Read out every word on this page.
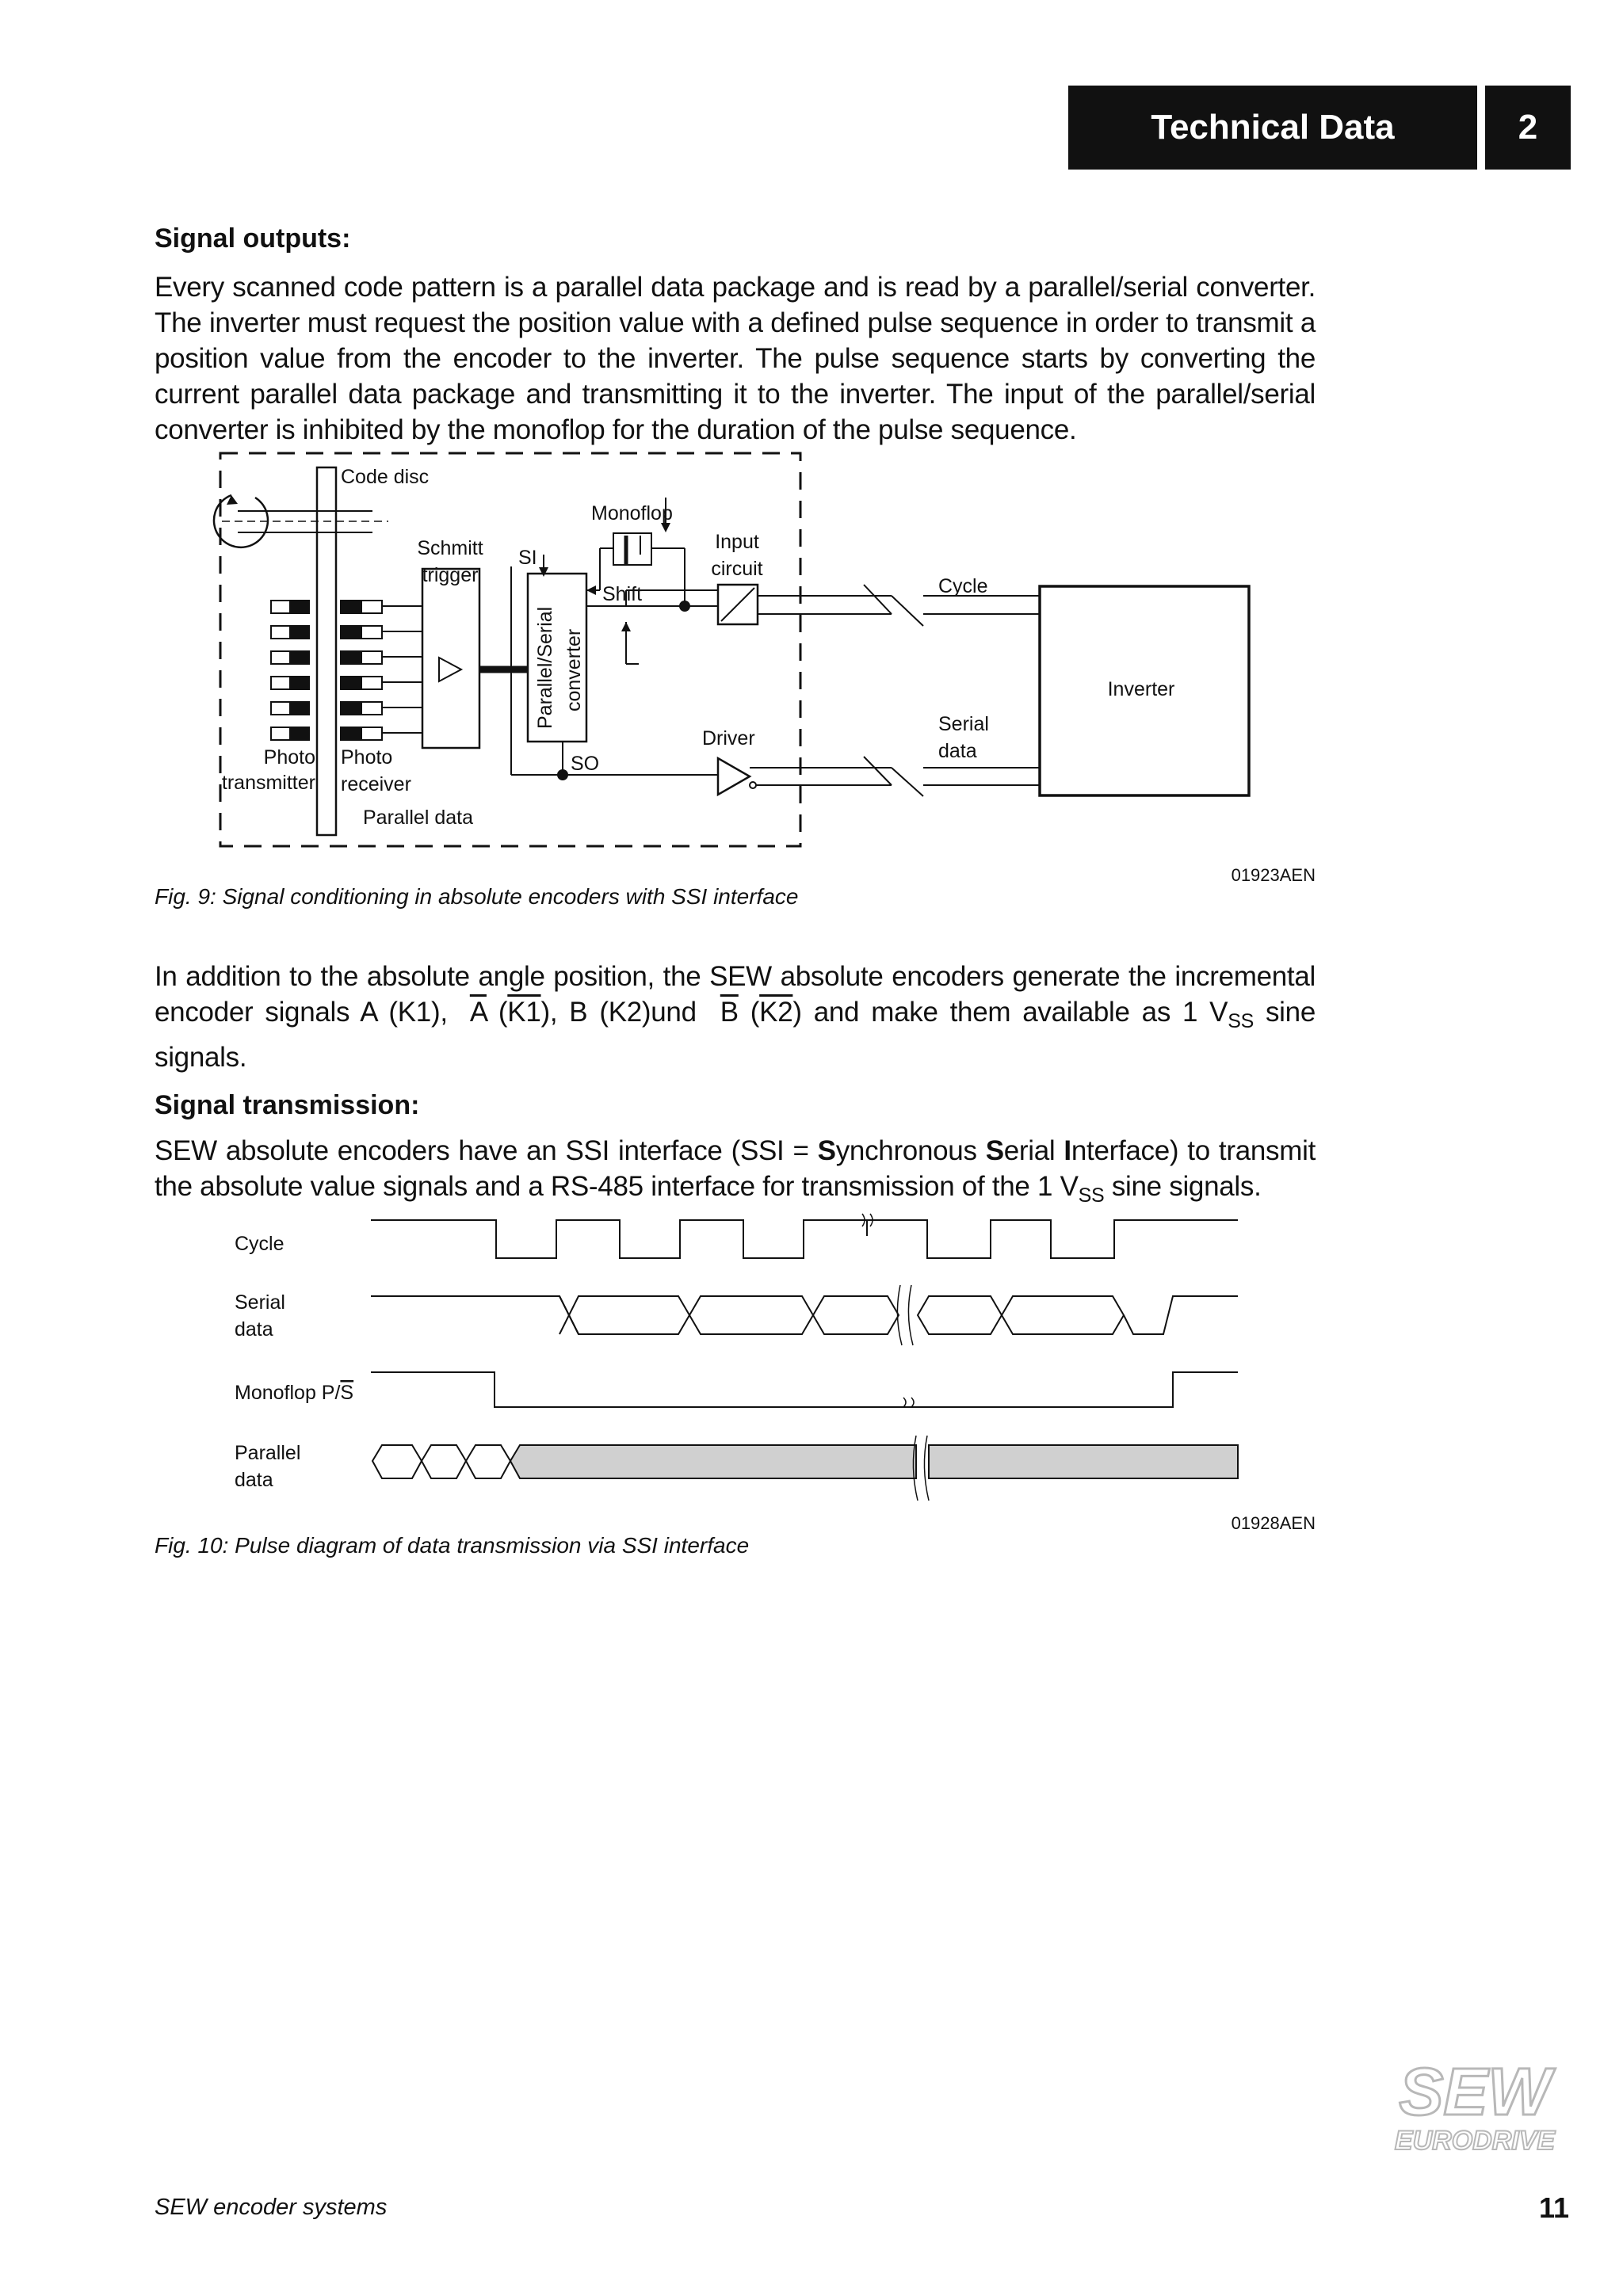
Technical Data	2

Signal outputs:

Every scanned code pattern is a parallel data package and is read by a parallel/serial converter. The inverter must request the position value with a defined pulse sequence in order to transmit a position value from the encoder to the inverter. The pulse sequence starts by converting the current parallel data package and transmitting it to the inverter. The input of the parallel/serial converter is inhibited by the monoflop for the duration of the pulse sequence.

Code disc
Monoflop
Input
circuit
Schmitt
trigger
SI
Shift
Parallel/Serial converter
Cycle
Inverter
Serial
data
Driver
SO
Photo
transmitter
Photo
receiver
Parallel data
01923AEN

Fig. 9: Signal conditioning in absolute encoders with SSI interface

In addition to the absolute angle position, the SEW absolute encoders generate the incremental encoder signals A (K1), $\overline{A}$ (K1), B (K2)und $\overline{B}$ (K2) and make them available as 1 $V_{SS}$ sine signals.

Signal transmission:

SEW absolute encoders have an SSI interface (SSI = Synchronous Serial Interface) to transmit the absolute value signals and a RS-485 interface for transmission of the 1 $V_{SS}$ sine signals.

Cycle
Serial
data
Monoflop P/S
Parallel
data
01928AEN

Fig. 10: Pulse diagram of data transmission via SSI interface

SEW
EURODRIVE
SEW encoder systems	11
